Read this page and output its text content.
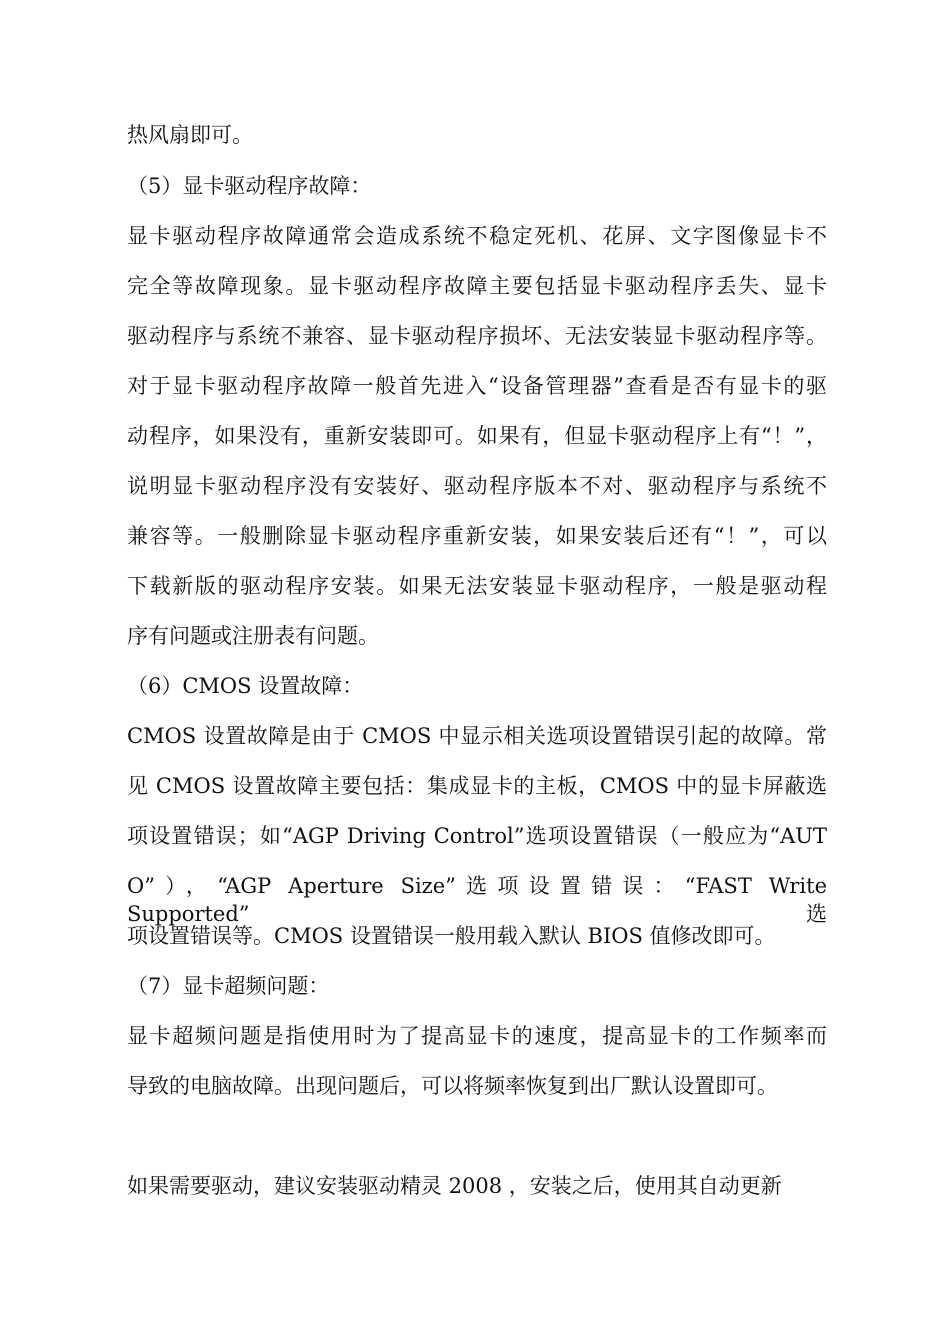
热风扇即可。

（5）显卡驱动程序故障：

显卡驱动程序故障通常会造成系统不稳定死机、花屏、文字图像显卡不

完全等故障现象。显卡驱动程序故障主要包括显卡驱动程序丢失、显卡

驱动程序与系统不兼容、显卡驱动程序损坏、无法安装显卡驱动程序等。

对于显卡驱动程序故障一般首先进入“设备管理器”查看是否有显卡的驱

动程序，如果没有，重新安装即可。如果有，但显卡驱动程序上有“！”，

说明显卡驱动程序没有安装好、驱动程序版本不对、驱动程序与系统不

兼容等。一般删除显卡驱动程序重新安装，如果安装后还有“！”，可以

下载新版的驱动程序安装。如果无法安装显卡驱动程序，一般是驱动程

序有问题或注册表有问题。

（6）CMOS 设置故障：

CMOS 设置故障是由于 CMOS 中显示相关选项设置错误引起的故障。常

见 CMOS 设置故障主要包括：集成显卡的主板，CMOS 中的显卡屏蔽选

项设置错误；如“AGP Driving Control”选项设置错误（一般应为“AUT

O”），“AGP Aperture Size”选项设置错误：“FAST Write Supported”选

项设置错误等。CMOS 设置错误一般用载入默认 BIOS 值修改即可。

（7）显卡超频问题：

显卡超频问题是指使用时为了提高显卡的速度，提高显卡的工作频率而

导致的电脑故障。出现问题后，可以将频率恢复到出厂默认设置即可。

如果需要驱动，建议安装驱动精灵 2008 ，安装之后，使用其自动更新
